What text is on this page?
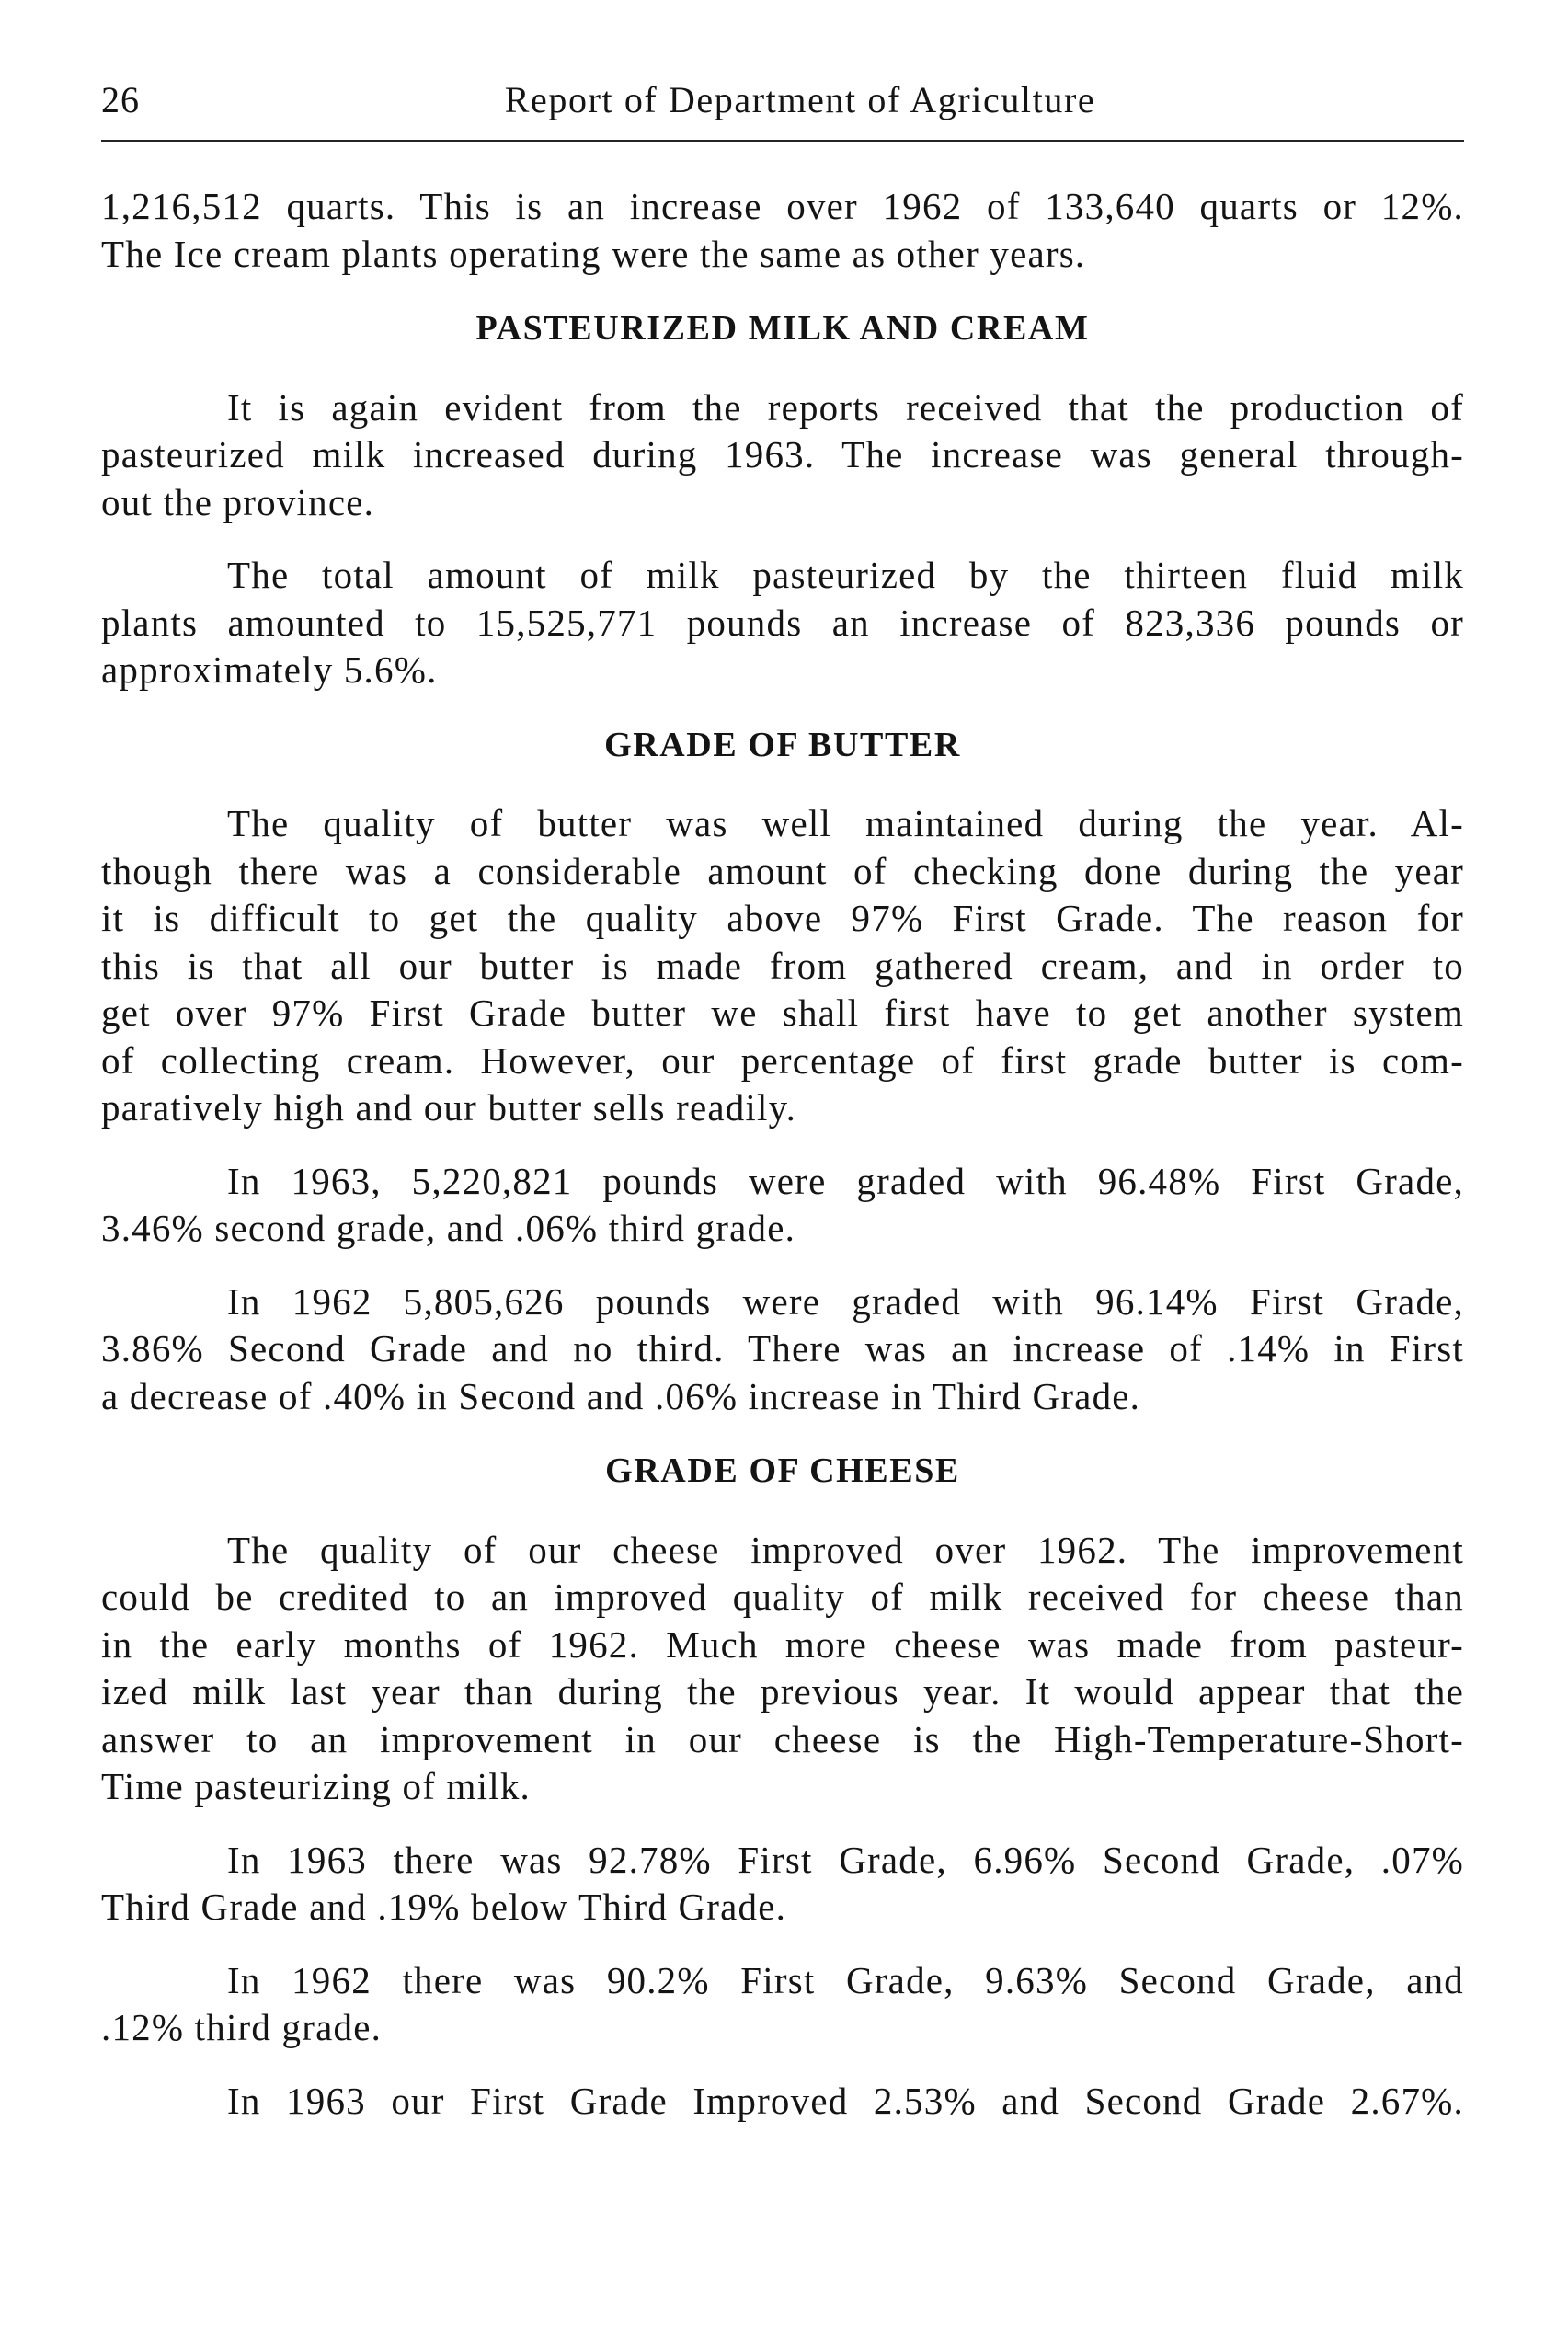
26	Report of Department of Agriculture
1,216,512 quarts. This is an increase over 1962 of 133,640 quarts or 12%.
The Ice cream plants operating were the same as other years.
PASTEURIZED MILK AND CREAM
It is again evident from the reports received that the production of
pasteurized milk increased during 1963. The increase was general through-
out the province.
The total amount of milk pasteurized by the thirteen fluid milk
plants amounted to 15,525,771 pounds an increase of 823,336 pounds or
approximately 5.6%.
GRADE OF BUTTER
The quality of butter was well maintained during the year. Al-
though there was a considerable amount of checking done during the year
it is difficult to get the quality above 97% First Grade. The reason for
this is that all our butter is made from gathered cream, and in order to
get over 97% First Grade butter we shall first have to get another system
of collecting cream. However, our percentage of first grade butter is com-
paratively high and our butter sells readily.
In 1963, 5,220,821 pounds were graded with 96.48% First Grade,
3.46% second grade, and .06% third grade.
In 1962 5,805,626 pounds were graded with 96.14% First Grade,
3.86% Second Grade and no third. There was an increase of .14% in First
a decrease of .40% in Second and .06% increase in Third Grade.
GRADE OF CHEESE
The quality of our cheese improved over 1962. The improvement
could be credited to an improved quality of milk received for cheese than
in the early months of 1962. Much more cheese was made from pasteur-
ized milk last year than during the previous year. It would appear that the
answer to an improvement in our cheese is the High-Temperature-Short-
Time pasteurizing of milk.
In 1963 there was 92.78% First Grade, 6.96% Second Grade, .07%
Third Grade and .19% below Third Grade.
In 1962 there was 90.2% First Grade, 9.63% Second Grade, and
.12% third grade.
In 1963 our First Grade Improved 2.53% and Second Grade 2.67%.
